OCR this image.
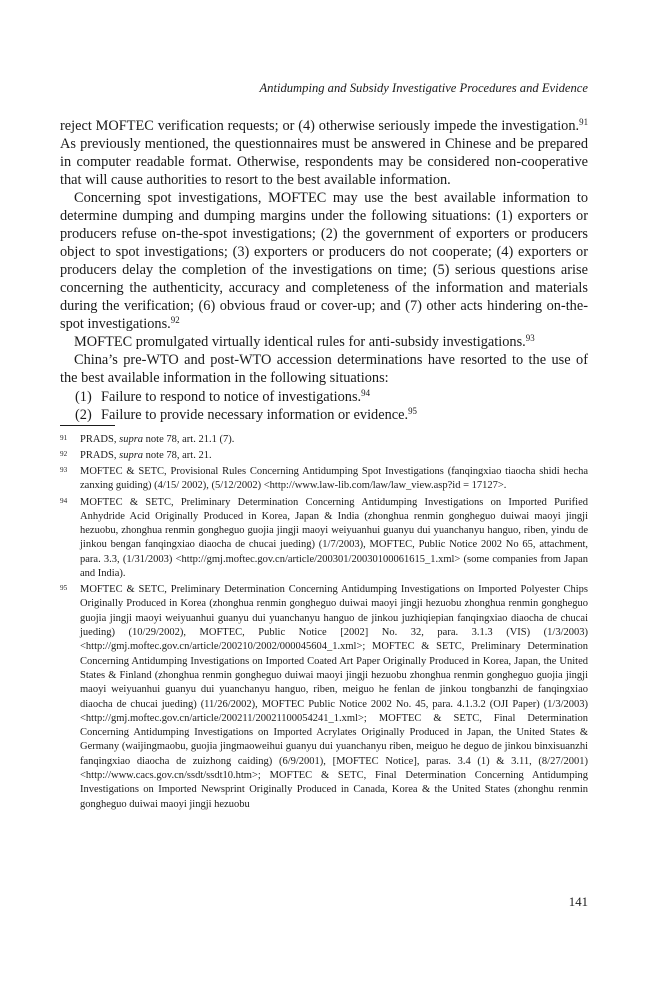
Antidumping and Subsidy Investigative Procedures and Evidence

reject MOFTEC verification requests; or (4) otherwise seriously impede the investigation.$^{91}$ As previously mentioned, the questionnaires must be answered in Chinese and be prepared in computer readable format. Otherwise, respondents may be considered non-cooperative that will cause authorities to resort to the best available information.

Concerning spot investigations, MOFTEC may use the best available information to determine dumping and dumping margins under the following situations: (1) exporters or producers refuse on-the-spot investigations; (2) the government of exporters or producers object to spot investigations; (3) exporters or producers do not cooperate; (4) exporters or producers delay the completion of the investigations on time; (5) serious questions arise concerning the authenticity, accuracy and completeness of the information and materials during the verification; (6) obvious fraud or cover-up; and (7) other acts hindering on-the-spot investigations.$^{92}$

MOFTEC promulgated virtually identical rules for anti-subsidy investigations.$^{93}$

China’s pre-WTO and post-WTO accession determinations have resorted to the use of the best available information in the following situations:

(1) Failure to respond to notice of investigations.$^{94}$
(2) Failure to provide necessary information or evidence.$^{95}$
91	PRADS, supra note 78, art. 21.1 (7).
92	PRADS, supra note 78, art. 21.
93	MOFTEC & SETC, Provisional Rules Concerning Antidumping Spot Investigations (fanqingxiao tiaocha shidi hecha zanxing guiding) (4/15/ 2002), (5/12/2002) <http://www.law-lib.com/law/law_view.asp?id = 17127>.
94	MOFTEC & SETC, Preliminary Determination Concerning Antidumping Investigations on Imported Purified Anhydride Acid Originally Produced in Korea, Japan & India (zhonghua renmin gongheguo duiwai maoyi jingji hezuobu, zhonghua renmin gongheguo guojia jingji maoyi weiyuanhui guanyu dui yuanchanyu hanguo, riben, yindu de jinkou bengan fanqingxiao diaocha de chucai jueding) (1/7/2003), MOFTEC, Public Notice 2002 No 65, attachment, para. 3.3, (1/31/2003) <http://gmj.moftec.gov.cn/article/200301/20030100061615_1.xml> (some companies from Japan and India).
95	MOFTEC & SETC, Preliminary Determination Concerning Antidumping Investigations on Imported Polyester Chips Originally Produced in Korea (zhonghua renmin gongheguo duiwai maoyi jingji hezuobu zhonghua renmin gongheguo guojia jingji maoyi weiyuanhui guanyu dui yuanchanyu hanguo de jinkou juzhiqiepian fanqingxiao diaocha de chucai jueding) (10/29/2002), MOFTEC, Public Notice [2002] No. 32, para. 3.1.3 (VIS) (1/3/2003) <http://gmj.moftec.gov.cn/article/200210/2002/000045604_1.xml>; MOFTEC & SETC, Preliminary Determination Concerning Antidumping Investigations on Imported Coated Art Paper Originally Produced in Korea, Japan, the United States & Finland (zhonghua renmin gongheguo duiwai maoyi jingji hezuobu zhonghua renmin gongheguo guojia jingji maoyi weiyuanhui guanyu dui yuanchanyu hanguo, riben, meiguo he fenlan de jinkou tongbanzhi de fanqingxiao diaocha de chucai jueding) (11/26/2002), MOFTEC Public Notice 2002 No. 45, para. 4.1.3.2 (OJI Paper) (1/3/2003) <http://gmj.moftec.gov.cn/article/200211/20021100054241_1.xml>; MOFTEC & SETC, Final Determination Concerning Antidumping Investigations on Imported Acrylates Originally Produced in Japan, the United States & Germany (waijingmaobu, guojia jingmaoweihui guanyu dui yuanchanyu riben, meiguo he deguo de jinkou binxisuanzhi fanqingxiao diaocha de zuizhong caiding) (6/9/2001), [MOFTEC Notice], paras. 3.4 (1) & 3.11, (8/27/2001) <http://www.cacs.gov.cn/ssdt/ssdt10.htm>; MOFTEC & SETC, Final Determination Concerning Antidumping Investigations on Imported Newsprint Originally Produced in Canada, Korea & the United States (zhonghu renmin gongheguo duiwai maoyi jingji hezuobu
141
